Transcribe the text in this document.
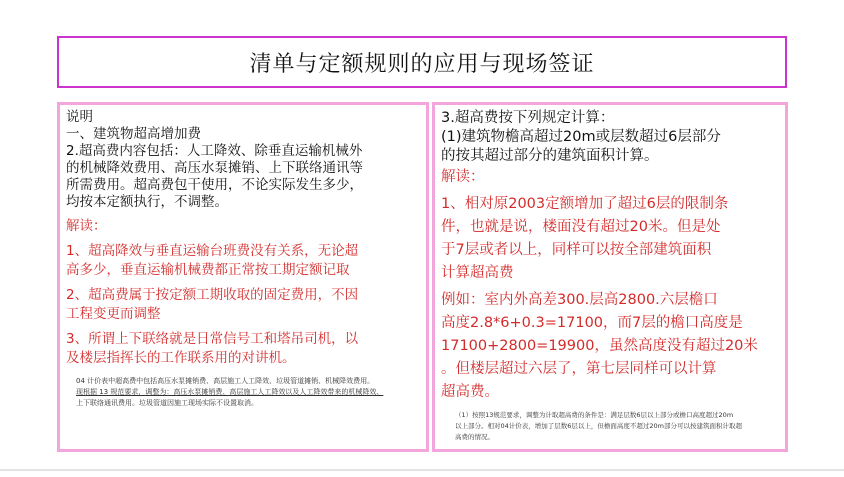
清单与定额规则的应用与现场签证

说明

一、建筑物超高增加费

2.超高费内容包括：人工降效、除垂直运输机械外

的机械降效费用、高压水泵摊销、上下联络通讯等

所需费用。超高费包干使用，不论实际发生多少，

均按本定额执行，不调整。

解读：

1、超高降效与垂直运输台班费没有关系，无论超

高多少，垂直运输机械费都正常按工期定额记取

2、超高费属于按定额工期收取的固定费用，不因

工程变更而调整

3、所谓上下联络就是日常信号工和塔吊司机，以

及楼层指挥长的工作联系用的对讲机。

04 计价表中超高费中包括高压水泵摊销费、高层施工人工降效、垃圾管道摊销、机械降效费用。

现根据 13 规范要求，调整为：高压水泵摊销费、高层施工人工降效以及人工降效带来的机械降效、

上下联络通讯费用。垃圾管道因施工现场实际不设置取消。

3.超高费按下列规定计算：

(1)建筑物檐高超过20m或层数超过6层部分

的按其超过部分的建筑面积计算。

解读：

1、相对原2003定额增加了超过6层的限制条

件，也就是说，楼面没有超过20米。但是处

于7层或者以上，同样可以按全部建筑面积

计算超高费

例如：室内外高差300.层高2800.六层檐口

高度2.8*6+0.3=17100，而7层的檐口高度是

17100+2800=19900，虽然高度没有超过20米

。但楼层超过六层了，第七层同样可以计算

超高费。

（1）按照13规范要求，调整为计取超高费的条件是：满足层数6层以上部分或檐口高度超过20m

以上部分。相对04计价表，增加了层数6层以上，但檐面高度不超过20m部分可以按建筑面积计取超

高费的情况。
